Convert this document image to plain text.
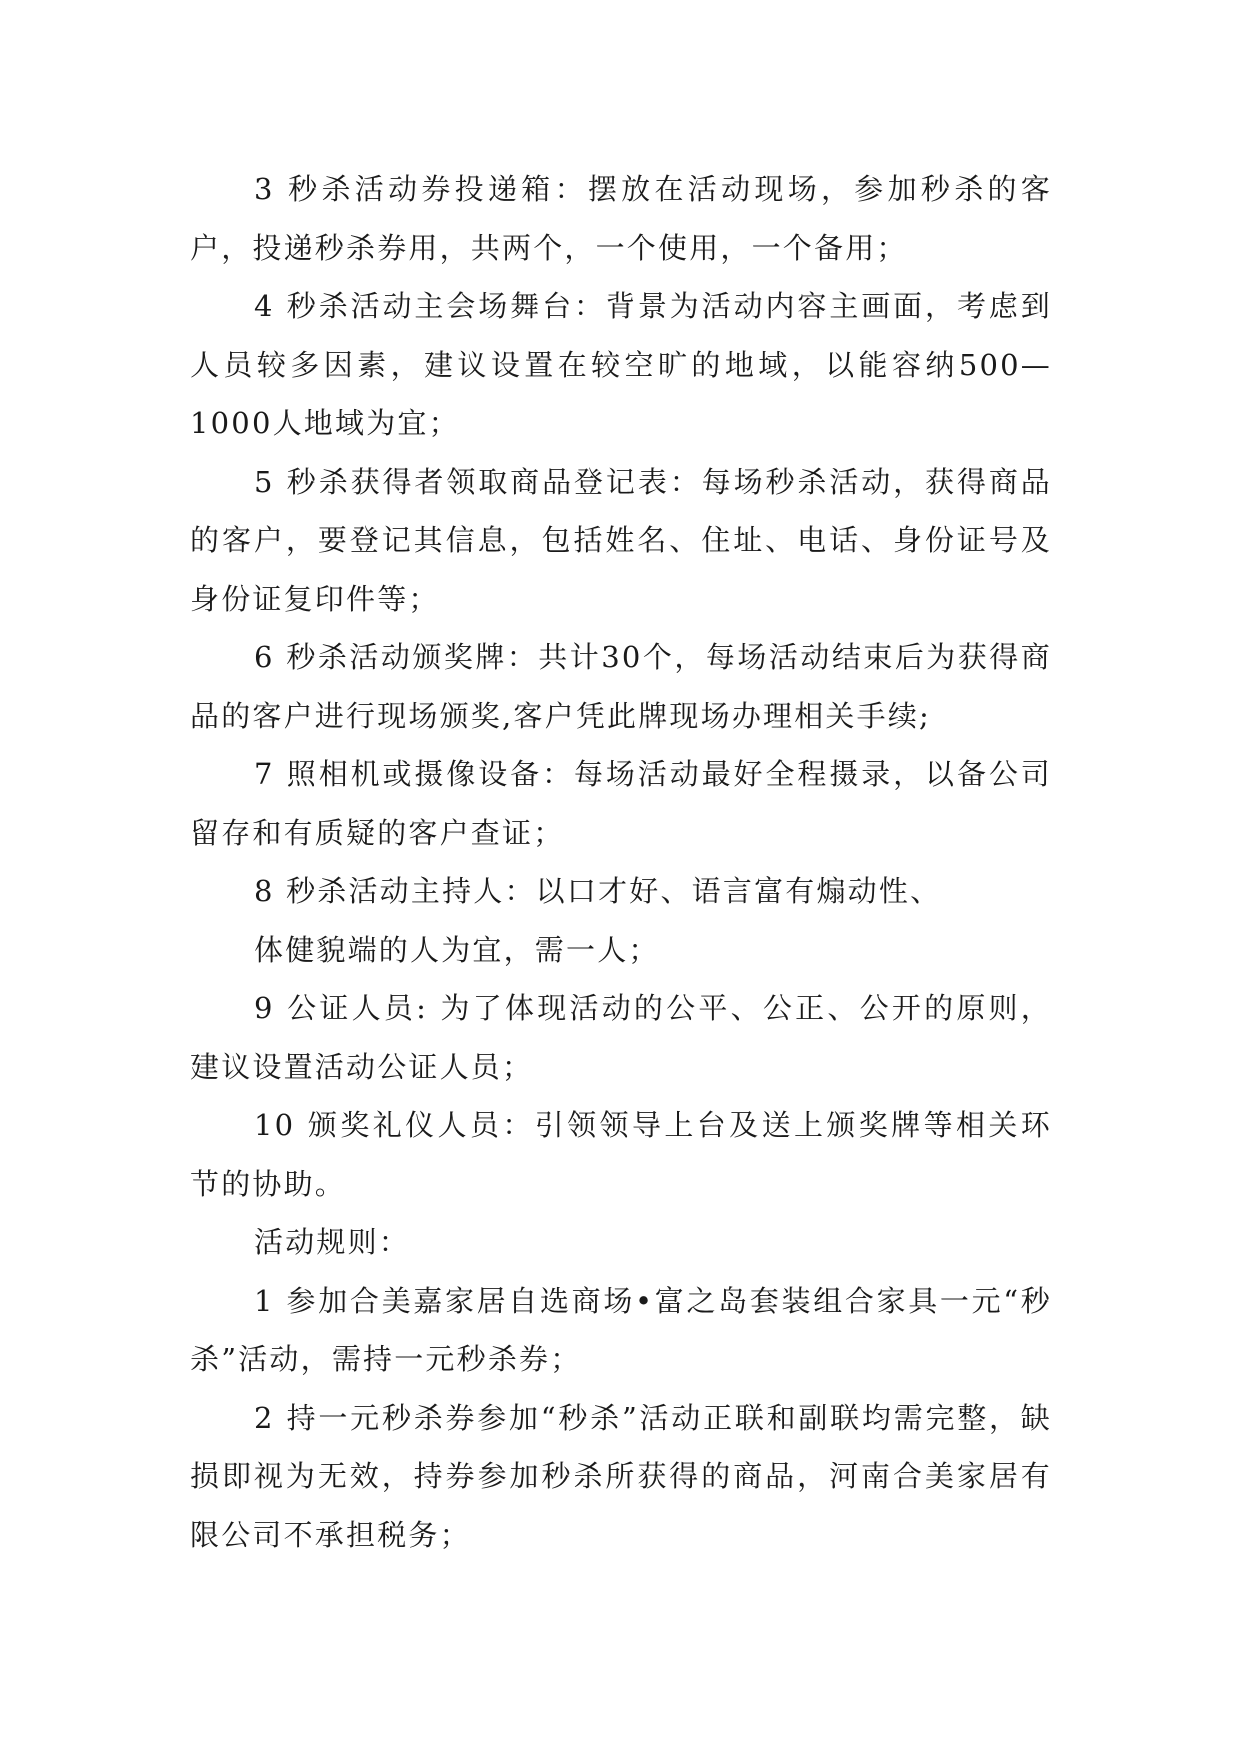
3 秒杀活动券投递箱：摆放在活动现场，参加秒杀的客户，投递秒杀券用，共两个，一个使用，一个备用；

4 秒杀活动主会场舞台：背景为活动内容主画面，考虑到人员较多因素，建议设置在较空旷的地域，以能容纳500—1000人地域为宜；

5 秒杀获得者领取商品登记表：每场秒杀活动，获得商品的客户，要登记其信息，包括姓名、住址、电话、身份证号及身份证复印件等；

6 秒杀活动颁奖牌：共计30个，每场活动结束后为获得商品的客户进行现场颁奖,客户凭此牌现场办理相关手续;

7 照相机或摄像设备：每场活动最好全程摄录，以备公司留存和有质疑的客户查证；

8 秒杀活动主持人：以口才好、语言富有煽动性、

体健貌端的人为宜，需一人；

9 公证人员: 为了体现活动的公平、公正、公开的原则，建议设置活动公证人员；

10 颁奖礼仪人员：引领领导上台及送上颁奖牌等相关环节的协助。

活动规则：

1 参加合美嘉家居自选商场•富之岛套装组合家具一元“秒杀”活动，需持一元秒杀券；

2 持一元秒杀券参加“秒杀”活动正联和副联均需完整，缺损即视为无效，持券参加秒杀所获得的商品，河南合美家居有限公司不承担税务；
